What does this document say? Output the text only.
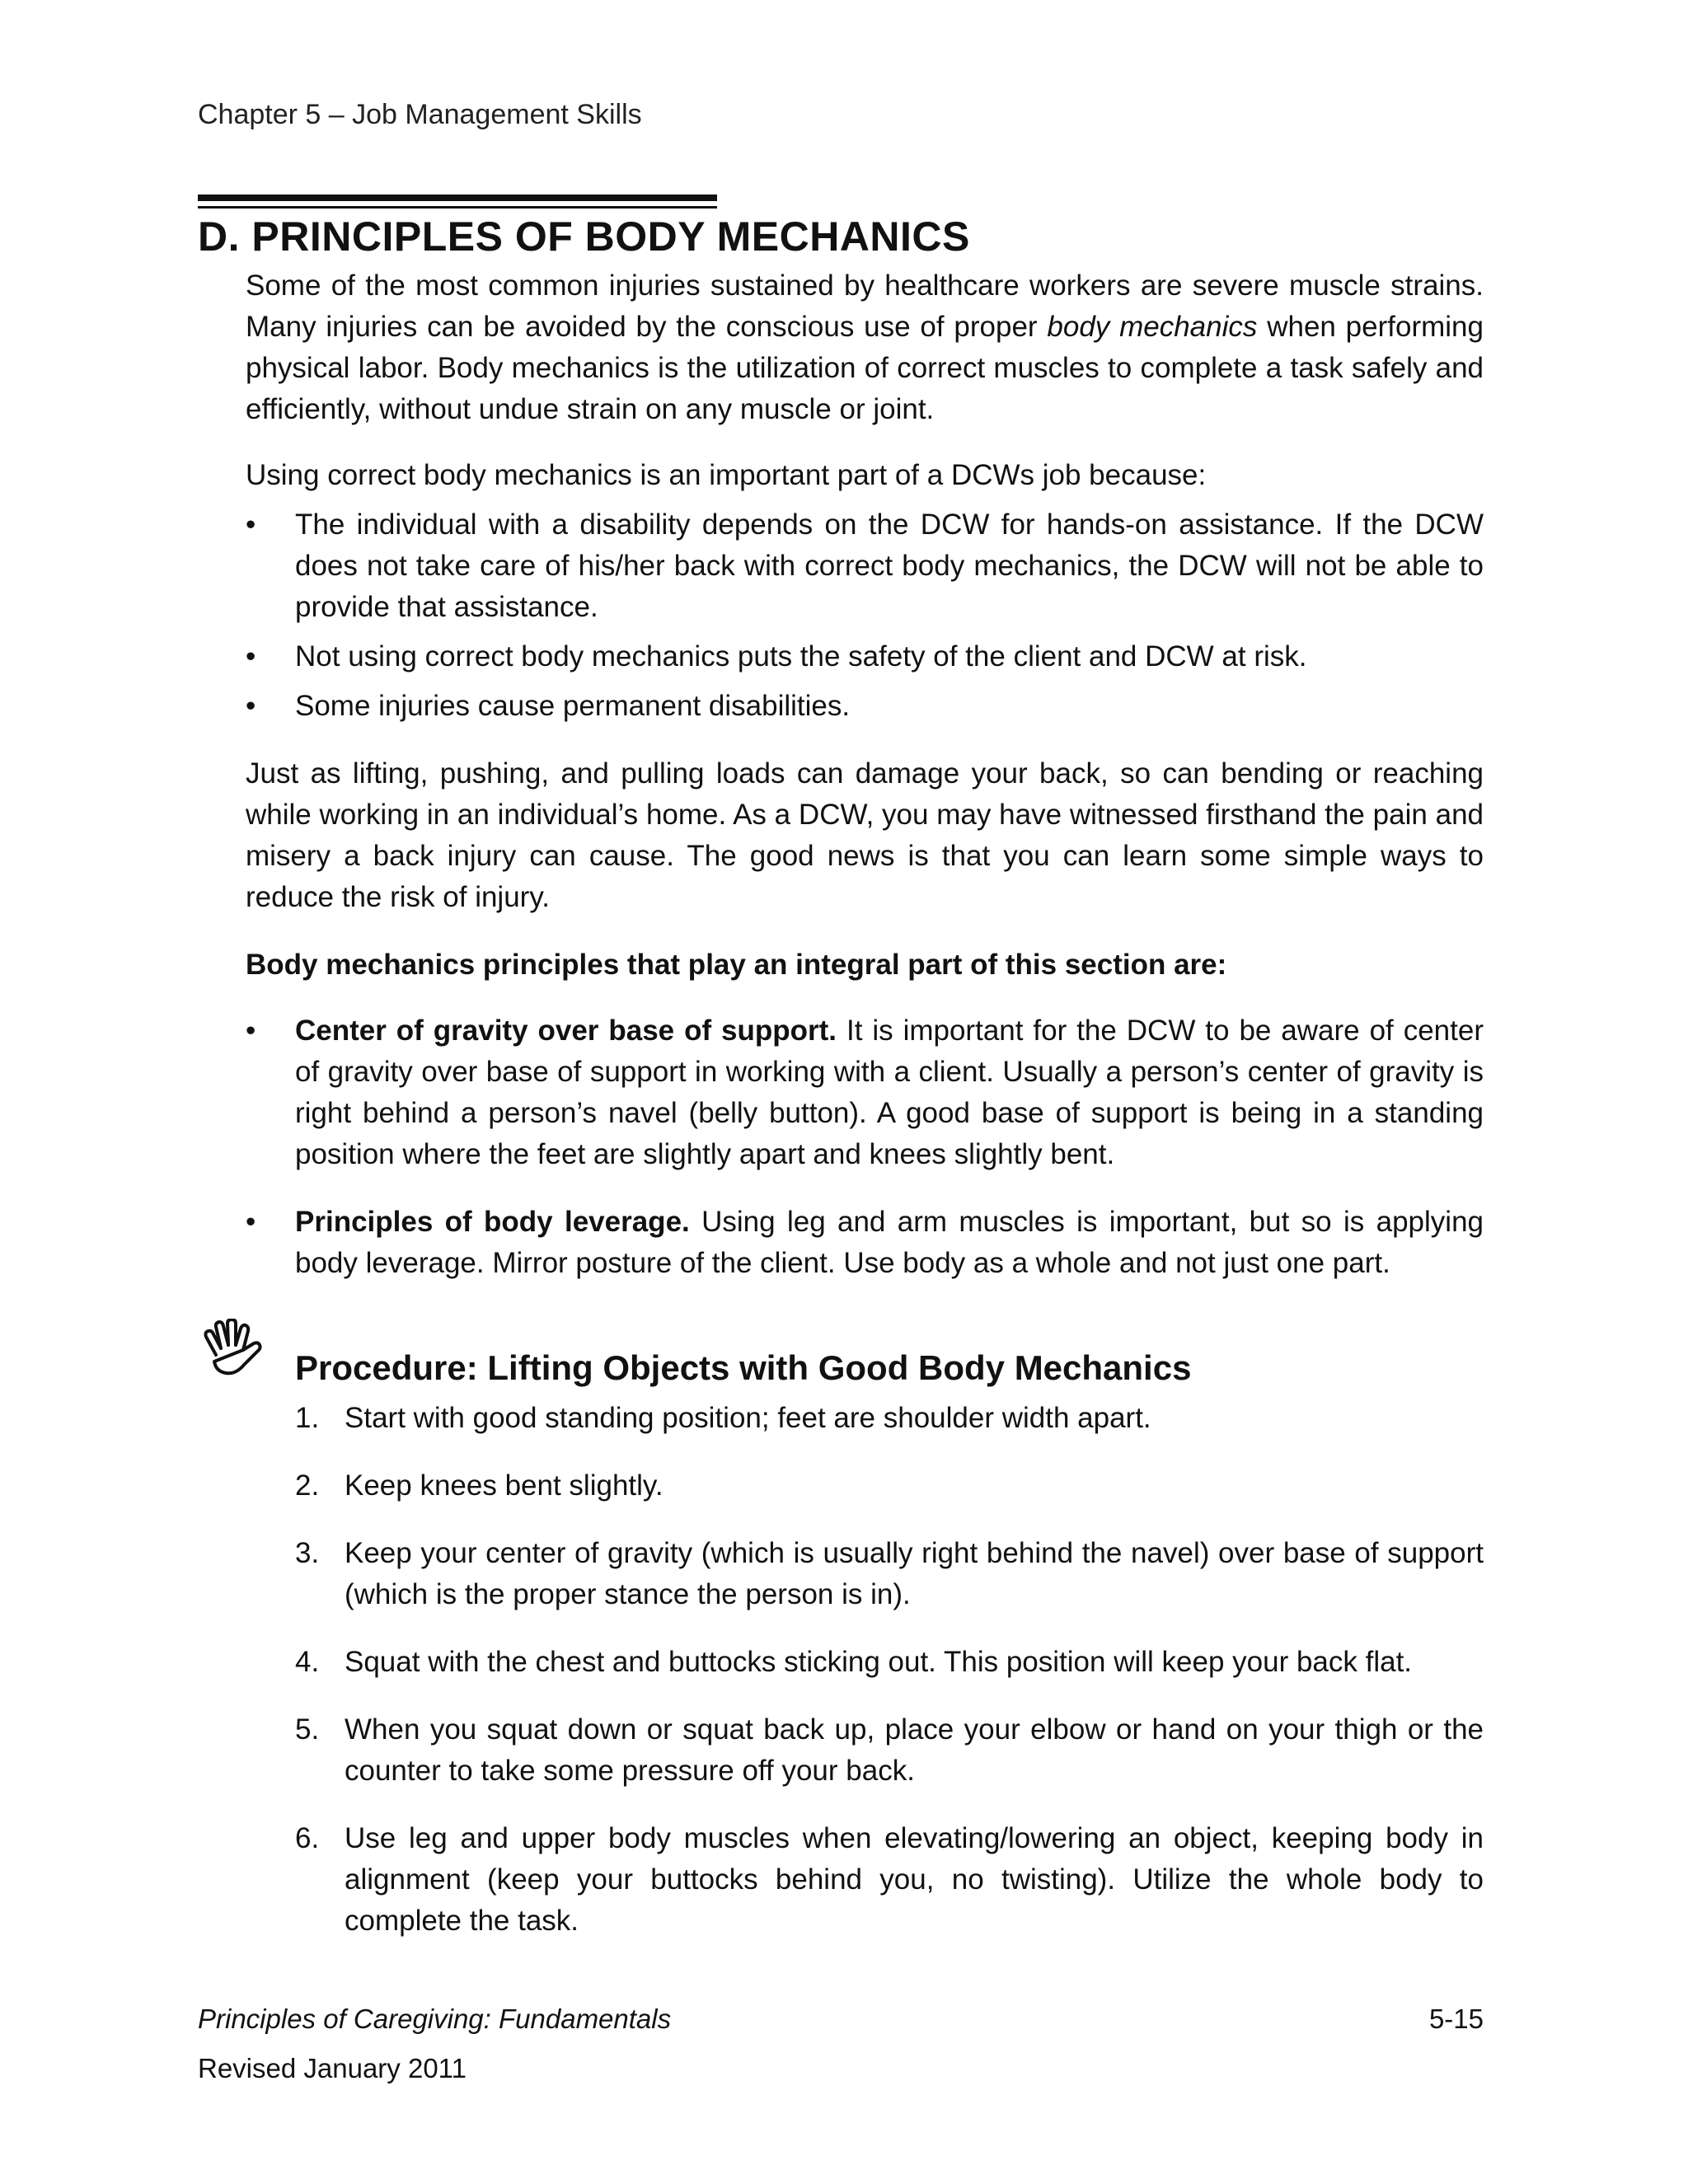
Chapter 5 – Job Management Skills
D. PRINCIPLES OF BODY MECHANICS

Some of the most common injuries sustained by healthcare workers are severe muscle strains. Many injuries can be avoided by the conscious use of proper body mechanics when performing physical labor. Body mechanics is the utilization of correct muscles to complete a task safely and efficiently, without undue strain on any muscle or joint.

Using correct body mechanics is an important part of a DCWs job because:

• The individual with a disability depends on the DCW for hands-on assistance. If the DCW does not take care of his/her back with correct body mechanics, the DCW will not be able to provide that assistance.
• Not using correct body mechanics puts the safety of the client and DCW at risk.
• Some injuries cause permanent disabilities.

Just as lifting, pushing, and pulling loads can damage your back, so can bending or reaching while working in an individual’s home. As a DCW, you may have witnessed firsthand the pain and misery a back injury can cause. The good news is that you can learn some simple ways to reduce the risk of injury.

Body mechanics principles that play an integral part of this section are:

• Center of gravity over base of support. It is important for the DCW to be aware of center of gravity over base of support in working with a client. Usually a person’s center of gravity is right behind a person’s navel (belly button). A good base of support is being in a standing position where the feet are slightly apart and knees slightly bent.
• Principles of body leverage. Using leg and arm muscles is important, but so is applying body leverage. Mirror posture of the client. Use body as a whole and not just one part.
Procedure: Lifting Objects with Good Body Mechanics
1. Start with good standing position; feet are shoulder width apart.
2. Keep knees bent slightly.
3. Keep your center of gravity (which is usually right behind the navel) over base of support (which is the proper stance the person is in).
4. Squat with the chest and buttocks sticking out. This position will keep your back flat.
5. When you squat down or squat back up, place your elbow or hand on your thigh or the counter to take some pressure off your back.
6. Use leg and upper body muscles when elevating/lowering an object, keeping body in alignment (keep your buttocks behind you, no twisting). Utilize the whole body to complete the task.
Principles of Caregiving: Fundamentals
Revised January 2011
5-15
